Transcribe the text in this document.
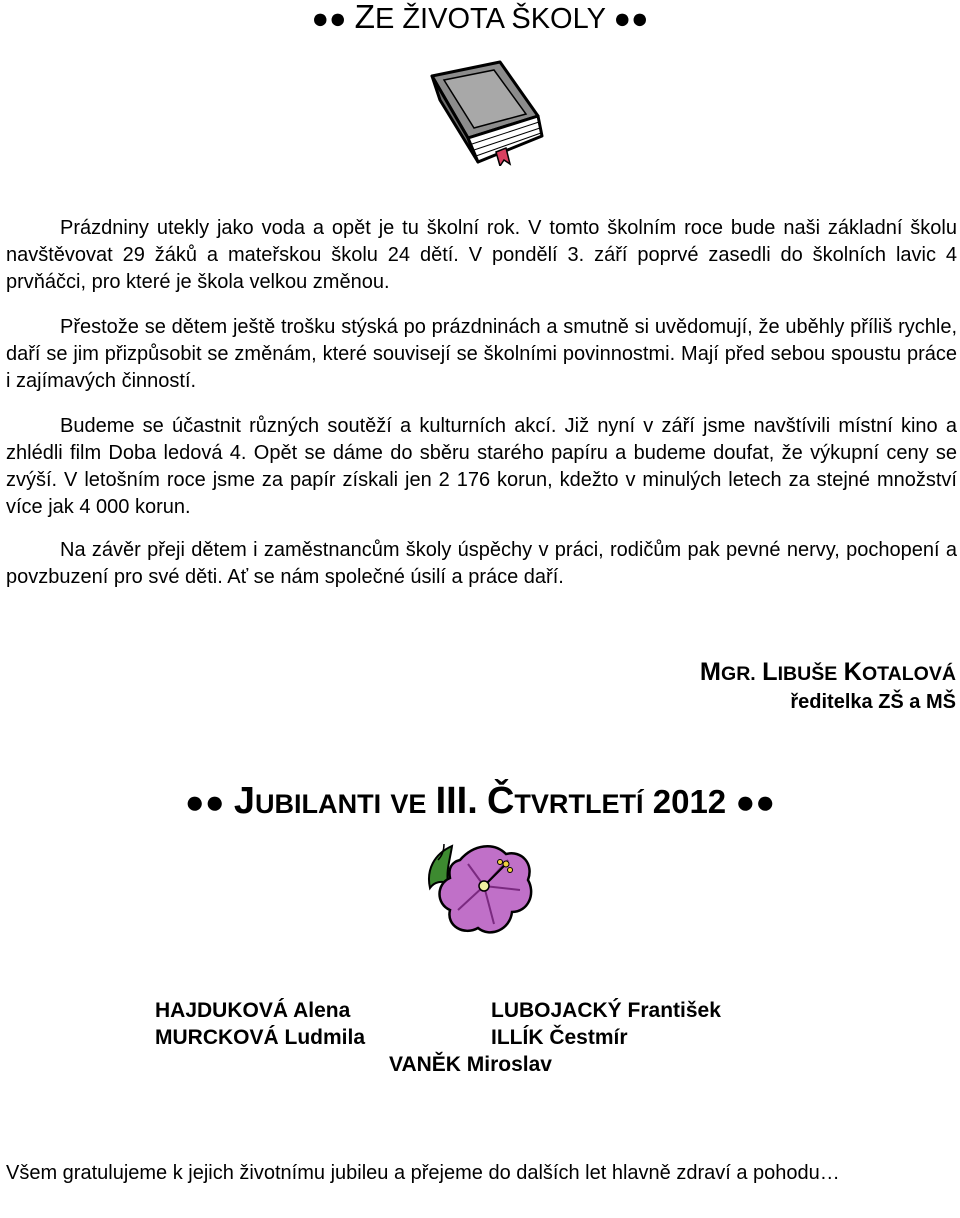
●● ZE ŽIVOTA ŠKOLY ●●

Prázdniny utekly jako voda a opět je tu školní rok. V tomto školním roce bude naši základní školu navštěvovat 29 žáků a mateřskou školu 24 dětí. V pondělí 3. září poprvé zasedli do školních lavic 4 prvňáčci, pro které je škola velkou změnou.

Přestože se dětem ještě trošku stýská po prázdninách a smutně si uvědomují, že uběhly příliš rychle, daří se jim přizpůsobit se změnám, které souvisejí se školními povinnostmi. Mají před sebou spoustu práce i zajímavých činností.

Budeme se účastnit různých soutěží a kulturních akcí. Již nyní v září jsme navštívili místní kino a zhlédli film Doba ledová 4. Opět se dáme do sběru starého papíru a budeme doufat, že výkupní ceny se zvýší. V letošním roce jsme za papír získali jen 2 176 korun, kdežto v minulých letech za stejné množství více jak 4 000 korun.

Na závěr přeji dětem i zaměstnancům školy úspěchy v práci, rodičům pak pevné nervy, pochopení a povzbuzení pro své děti. Ať se nám společné úsilí a práce daří.

MGR. LIBUŠE KOTALOVÁ
ředitelka ZŠ a MŠ
●● JUBILANTI VE III. ČTVRTLETÍ 2012 ●●
HAJDUKOVÁ Alena	LUBOJACKÝ František
MURCKOVÁ Ludmila	ILLÍK Čestmír
VANĚK Miroslav

Všem gratulujeme k jejich životnímu jubileu a přejeme do dalších let hlavně zdraví a pohodu…
